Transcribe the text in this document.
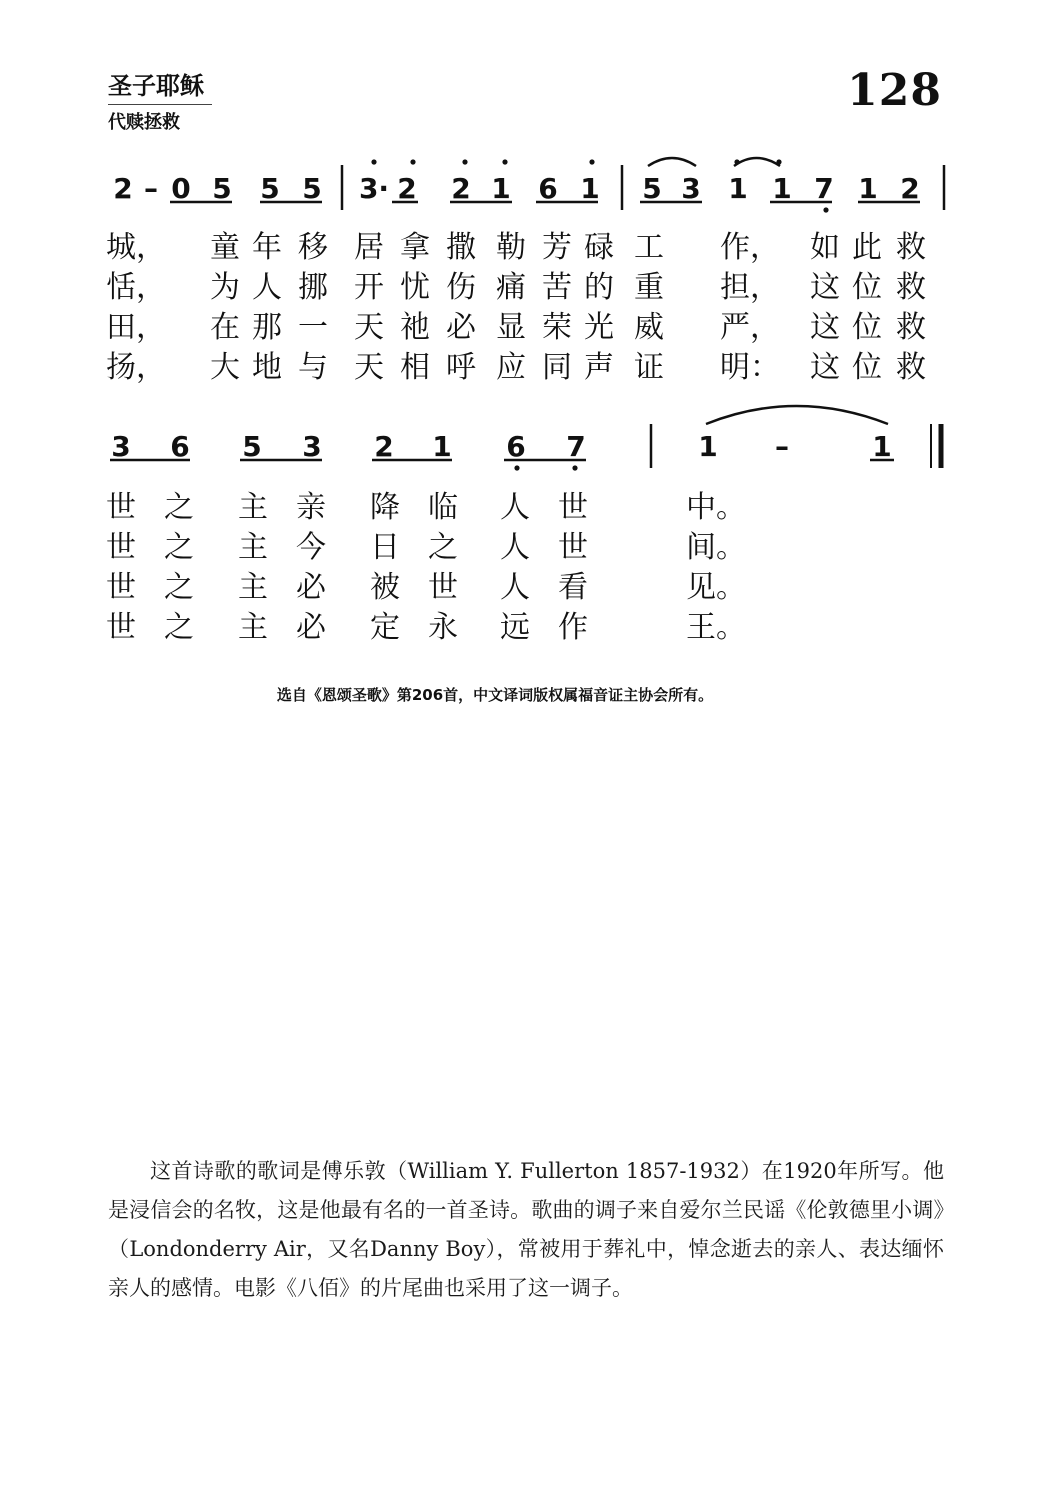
圣子耶稣
代赎拯救
128
2 – 0 5 5 5 3· 2 2 1 6 1 5 3 1 1 7 1 2
3 6 5 3 2 1 6 7	1 –	1
城， 童 年 移 居 拿 撒 勒 芳 碌 工 作， 如 此 救
恬， 为 人 挪 开 忧 伤 痛 苦 的 重 担， 这 位 救
田， 在 那 一 天 祂 必 显 荣 光 威 严， 这 位 救
扬， 大 地 与 天 相 呼 应 同 声 证 明： 这 位 救
世 之 主 亲 降 临 人 世	中。
世 之 主 今 日 之 人 世	间。
世 之 主 必 被 世 人 看	见。
世 之 主 必 定 永 远 作	王。
选自《恩颂圣歌》第206首，中文译词版权属福音证主协会所有。

这首诗歌的歌词是傅乐敦（William Y. Fullerton 1857-1932）在1920年所写。他是浸信会的名牧，这是他最有名的一首圣诗。歌曲的调子来自爱尔兰民谣《伦敦德里小调》（Londonderry Air，又名Danny Boy），常被用于葬礼中，悼念逝去的亲人、表达缅怀亲人的感情。电影《八佰》的片尾曲也采用了这一调子。
